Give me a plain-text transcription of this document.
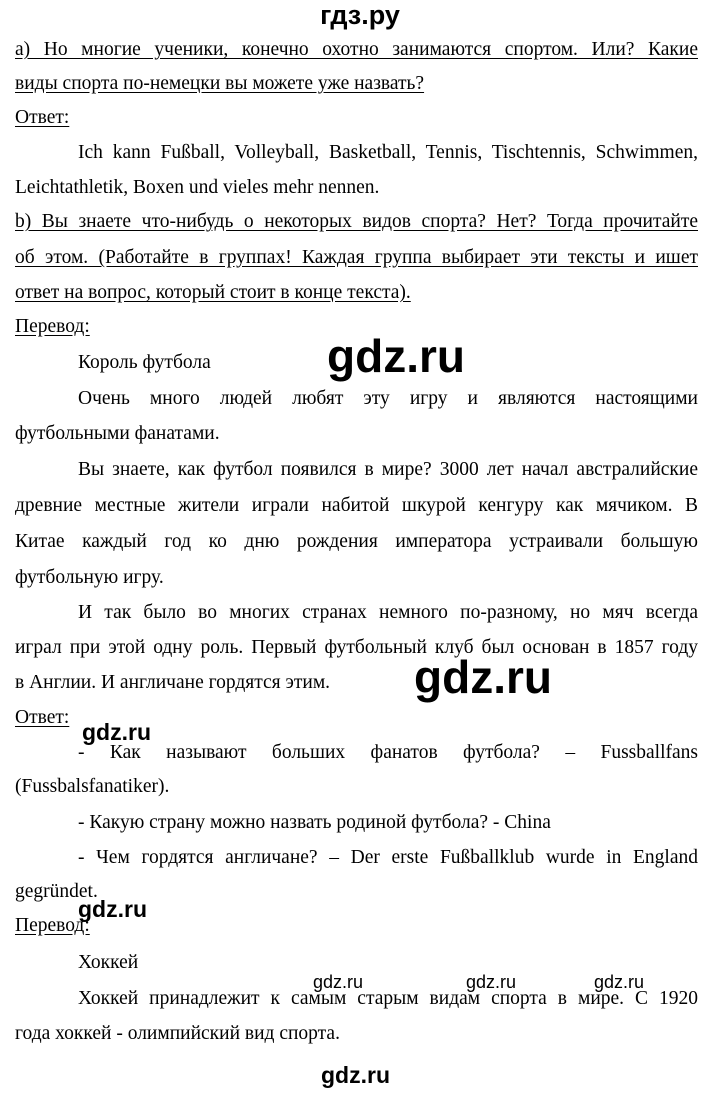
гдз.ру
а) Но многие ученики, конечно охотно занимаются спортом. Или? Какие
виды спорта по-немецки вы можете уже назвать?
Ответ:
Ich kann Fußball, Volleyball, Basketball, Tennis, Tischtennis, Schwimmen,
Leichtathletik, Boxen und vieles mehr nennen.
b) Вы знаете что-нибудь о некоторых видов спорта? Нет? Тогда прочитайте
об этом. (Работайте в группах! Каждая группа выбирает эти тексты и ишет
ответ на вопрос, который стоит в конце текста).
Перевод:
Король футбола
Очень много людей любят эту игру и являются настоящими
футбольными фанатами.
Вы знаете, как футбол появился в мире? 3000 лет начал австралийские
древние местные жители играли набитой шкурой кенгуру как мячиком. В
Китае каждый год ко дню рождения императора устраивали большую
футбольную игру.
И так было во многих странах немного по-разному, но мяч всегда
играл при этой одну роль. Первый футбольный клуб был основан в 1857 году
в Англии. И англичане гордятся этим.
Ответ:
- Как называют больших фанатов футбола? – Fussballfans
(Fussbalsfanatiker).
- Какую страну можно назвать родиной футбола? - China
- Чем гордятся англичане? – Der erste Fußballklub wurde in England
gegründet.
Перевод:
Хоккей
Хоккей принадлежит к самым старым видам спорта в мире. С 1920
года хоккей - олимпийский вид спорта.
gdz.ru
gdz.ru
gdz.ru
gdz.ru
gdz.ru	gdz.ru	gdz.ru
gdz.ru
